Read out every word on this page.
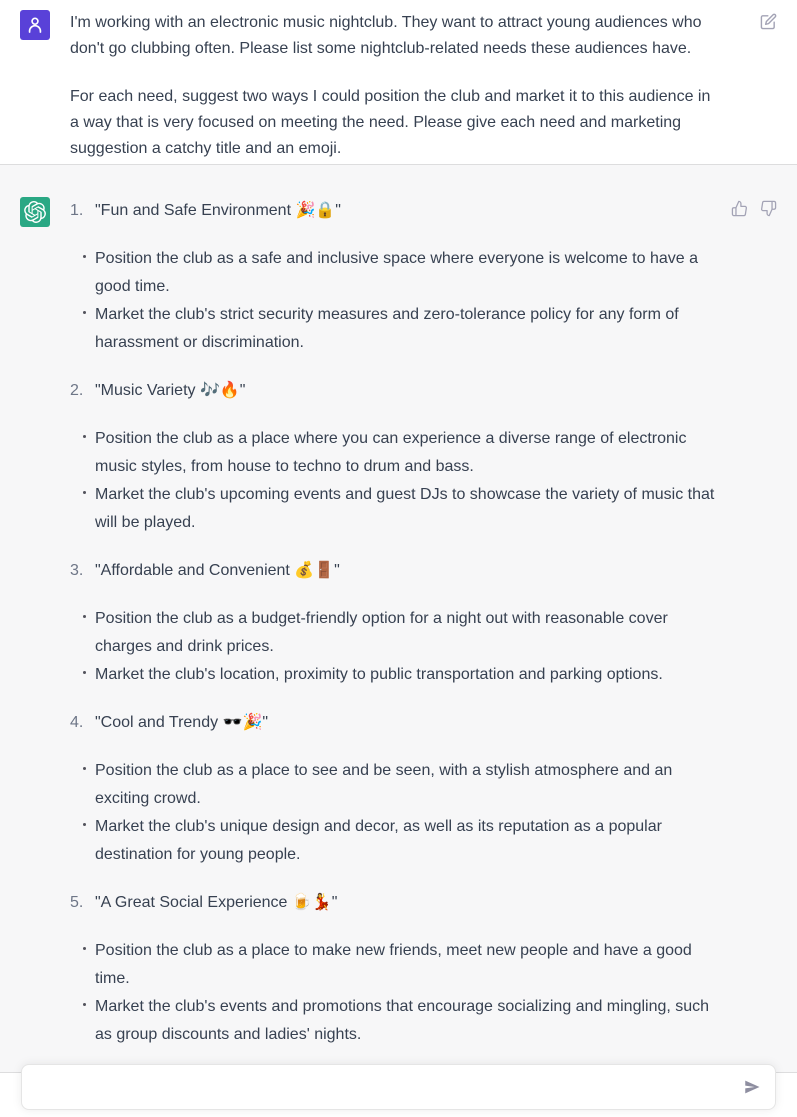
I'm working with an electronic music nightclub. They want to attract young audiences who don't go clubbing often. Please list some nightclub-related needs these audiences have.

For each need, suggest two ways I could position the club and market it to this audience in a way that is very focused on meeting the need. Please give each need and marketing suggestion a catchy title and an emoji.

1. "Fun and Safe Environment 🎉🔒"

Position the club as a safe and inclusive space where everyone is welcome to have a good time.
Market the club's strict security measures and zero-tolerance policy for any form of harassment or discrimination.
2. "Music Variety 🎶🔥"

Position the club as a place where you can experience a diverse range of electronic music styles, from house to techno to drum and bass.
Market the club's upcoming events and guest DJs to showcase the variety of music that will be played.
3. "Affordable and Convenient 💰🚪"

Position the club as a budget-friendly option for a night out with reasonable cover charges and drink prices.
Market the club's location, proximity to public transportation and parking options.
4. "Cool and Trendy 🕶️🎉"

Position the club as a place to see and be seen, with a stylish atmosphere and an exciting crowd.
Market the club's unique design and decor, as well as its reputation as a popular destination for young people.
5. "A Great Social Experience 🍺💃"

Position the club as a place to make new friends, meet new people and have a good time.
Market the club's events and promotions that encourage socializing and mingling, such as group discounts and ladies' nights.
